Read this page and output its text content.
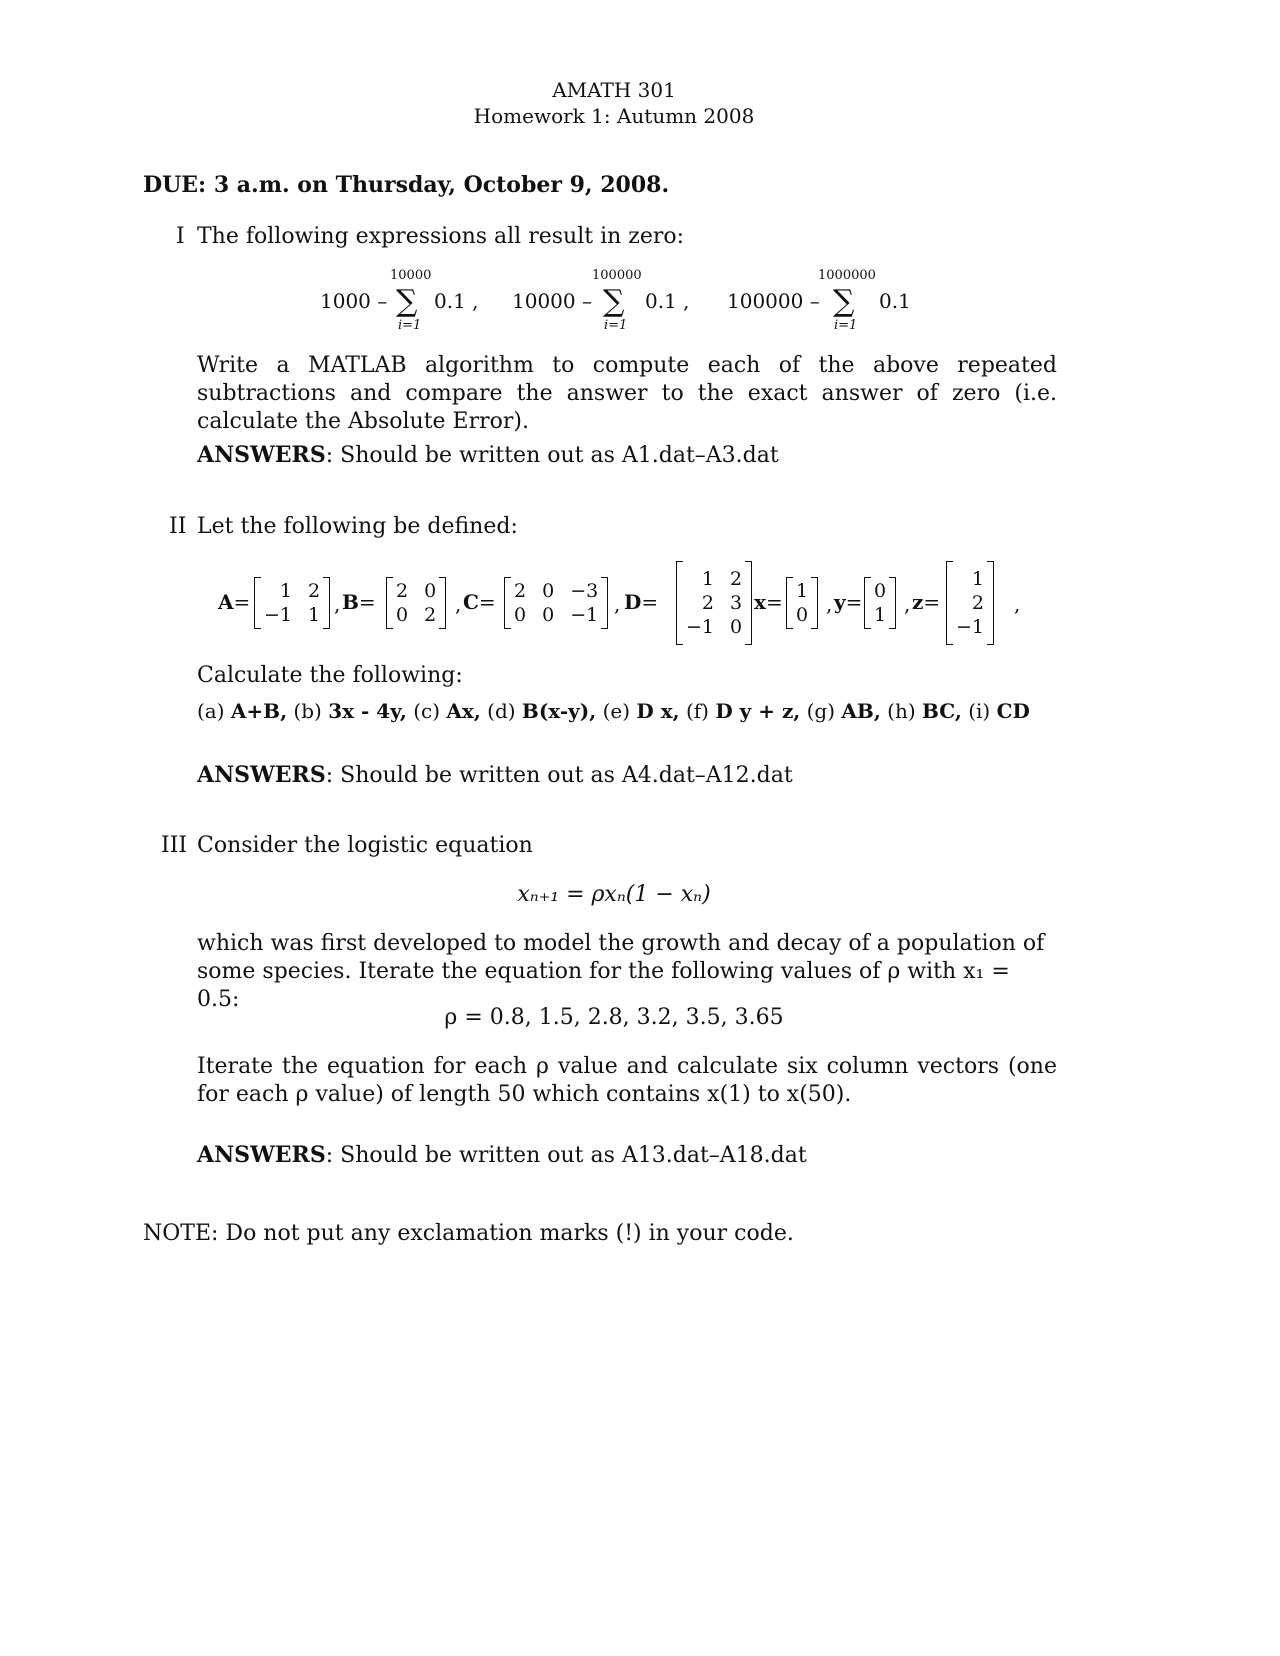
AMATH 301
Homework 1: Autumn 2008
DUE: 3 a.m. on Thursday, October 9, 2008.
I The following expressions all result in zero:
1000 –
10000
∑
i=1
0.1 , 10000 –
100000
∑
i=1
0.1 , 100000 –
1000000
∑
i=1
0.1
Write a MATLAB algorithm to compute each of the above repeated subtractions and compare the answer to the exact answer of zero (i.e. calculate the Absolute Error).
ANSWERS: Should be written out as A1.dat–A3.dat
II Let the following be defined:
A=	1 2
−1 1 , B= 2 0
0 2 , C= 2 0 −3
0 0 −1 , D=
1 2
2 3
−1 0
x= 1
0 , y= 0
1 , z=
1
2
−1
,
Calculate the following:
(a) A+B, (b) 3x - 4y, (c) Ax, (d) B(x-y), (e) D x, (f) D y + z, (g) AB, (h) BC, (i) CD
ANSWERS: Should be written out as A4.dat–A12.dat
III Consider the logistic equation
xₙ₊₁ = ρxₙ(1 − xₙ)
which was first developed to model the growth and decay of a population of some species. Iterate the equation for the following values of ρ with x₁ = 0.5:
ρ = 0.8, 1.5, 2.8, 3.2, 3.5, 3.65
Iterate the equation for each ρ value and calculate six column vectors (one for each ρ value) of length 50 which contains x(1) to x(50).
ANSWERS: Should be written out as A13.dat–A18.dat
NOTE: Do not put any exclamation marks (!) in your code.
